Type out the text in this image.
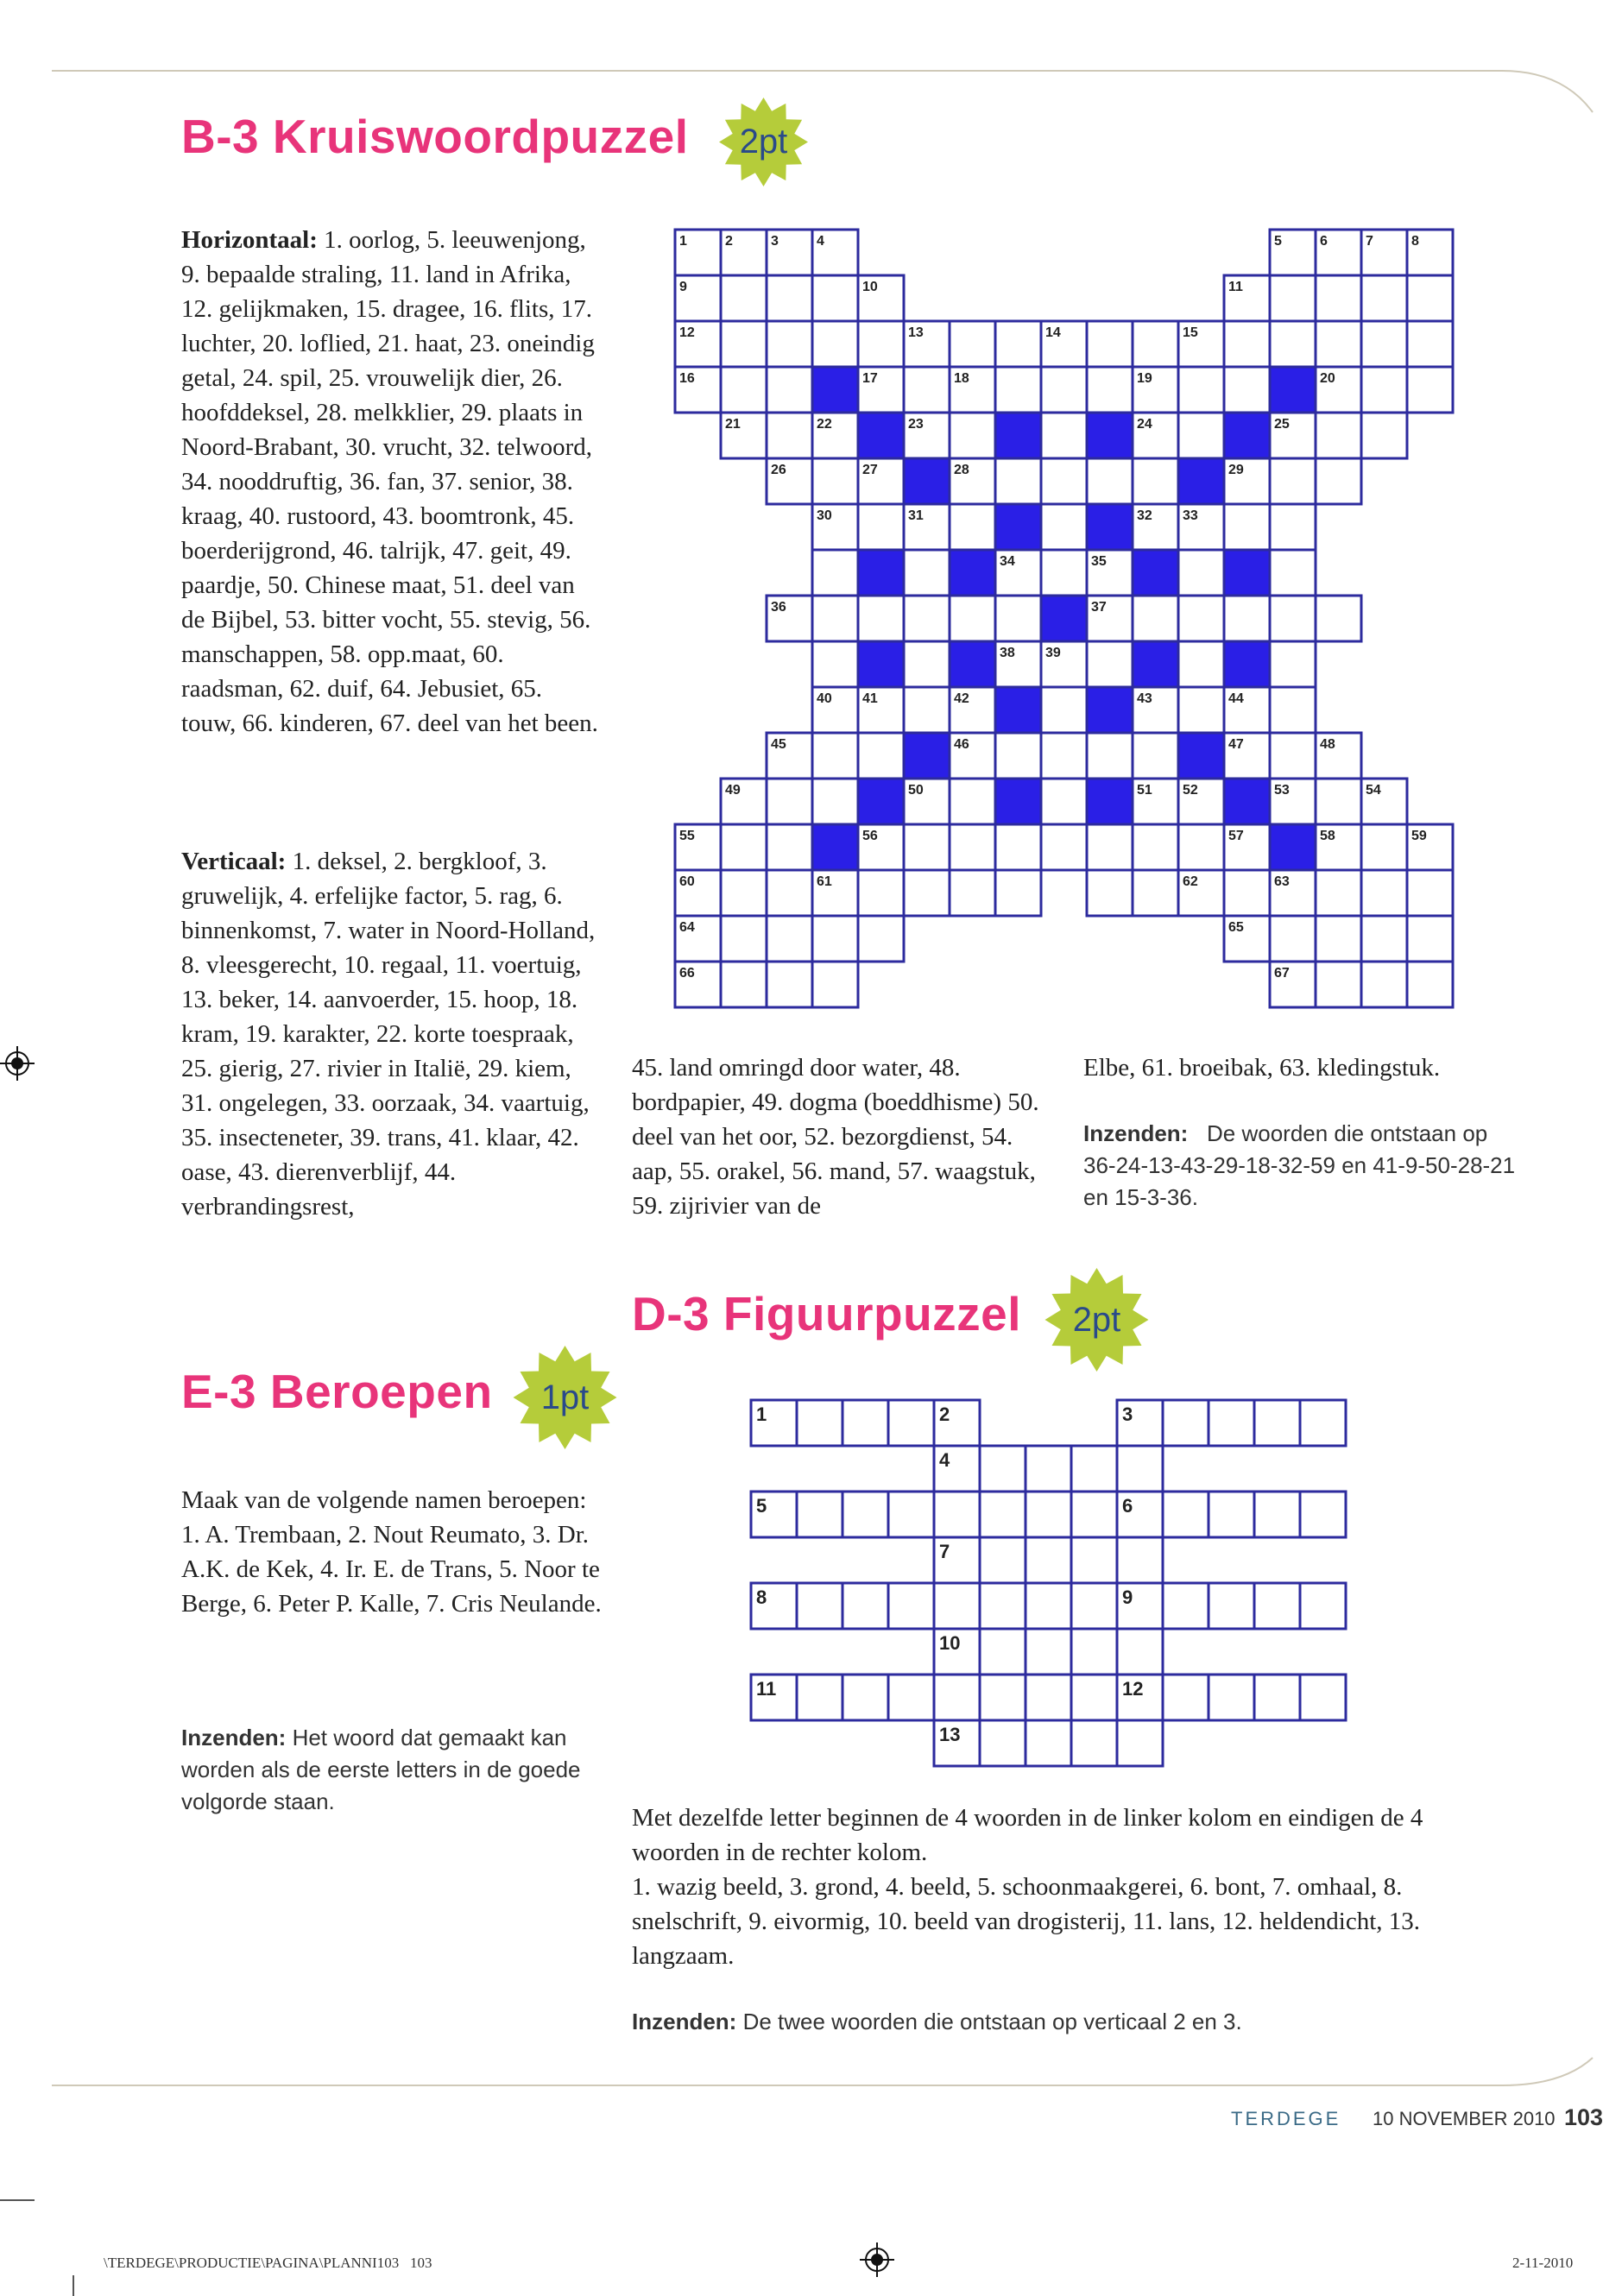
B-3 Kruiswoordpuzzel	2pt
Horizontaal: 1. oorlog, 5. leeuwenjong, 9. bepaalde straling, 11. land in Afrika, 12. gelijkmaken, 15. dragee, 16. flits, 17. luchter, 20. loflied, 21. haat, 23. oneindig getal, 24. spil, 25. vrouwelijk dier, 26. hoofddeksel, 28. melkklier, 29. plaats in Noord-Brabant, 30. vrucht, 32. telwoord, 34. nooddruftig, 36. fan, 37. senior, 38. kraag, 40. rustoord, 43. boomtronk, 45. boerderijgrond, 46. talrijk, 47. geit, 49. paardje, 50. Chinese maat, 51. deel van de Bijbel, 53. bitter vocht, 55. stevig, 56. manschappen, 58. opp.maat, 60. raadsman, 62. duif, 64. Jebusiet, 65. touw, 66. kinderen, 67. deel van het been.
Verticaal: 1. deksel, 2. bergkloof, 3. gruwelijk, 4. erfelijke factor, 5. rag, 6. binnenkomst, 7. water in Noord-Holland, 8. vleesgerecht, 10. regaal, 11. voertuig, 13. beker, 14. aanvoerder, 15. hoop, 18. kram, 19. karakter, 22. korte toespraak, 25. gierig, 27. rivier in Italië, 29. kiem, 31. ongelegen, 33. oorzaak, 34. vaartuig, 35. insecteneter, 39. trans, 41. klaar, 42. oase, 43. dierenverblijf, 44. verbrandingsrest,
45. land omringd door water, 48. bordpapier, 49. dogma (boeddhisme) 50. deel van het oor, 52. bezorgdienst, 54. aap, 55. orakel, 56. mand, 57. waagstuk, 59. zijrivier van de
Elbe, 61. broeibak, 63. kledingstuk.
Inzenden: De woorden die ontstaan op 36-24-13-43-29-18-32-59 en 41-9-50-28-21 en 15-3-36.
1	2	3	4	5	6	7	8
9	10	11
12	13	14	15
16	17	18	19	20
21	22	23	24	25
26	27	28	29
30	31	32 33
34	35
36	37
38 39
40 41	42	43	44
45	46	47	48
49	50	51 52	53	54
55	56	57	58	59
60	61	62	63
64	65
66	67
D-3 Figuurpuzzel	2pt
1	2	3
4
5	6
7
8	9
10
11	12
13
Met dezelfde letter beginnen de 4 woorden in de linker kolom en eindigen de 4 woorden in de rechter kolom.
1. wazig beeld, 3. grond, 4. beeld, 5. schoonmaakgerei, 6. bont, 7. omhaal, 8. snelschrift, 9. eivormig, 10. beeld van drogisterij, 11. lans, 12. heldendicht, 13. langzaam.
Inzenden: De twee woorden die ontstaan op verticaal 2 en 3.
E-3 Beroepen	1pt
Maak van de volgende namen beroepen:
1. A. Trembaan, 2. Nout Reumato, 3. Dr. A.K. de Kek, 4. Ir. E. de Trans, 5. Noor te Berge, 6. Peter P. Kalle, 7. Cris Neulande.
Inzenden: Het woord dat gemaakt kan worden als de eerste letters in de goede volgorde staan.
TERDEGE 10 NOVEMBER 2010 103
\TERDEGE\PRODUCTIE\PAGINA\PLANNI103   103	2-11-2010
